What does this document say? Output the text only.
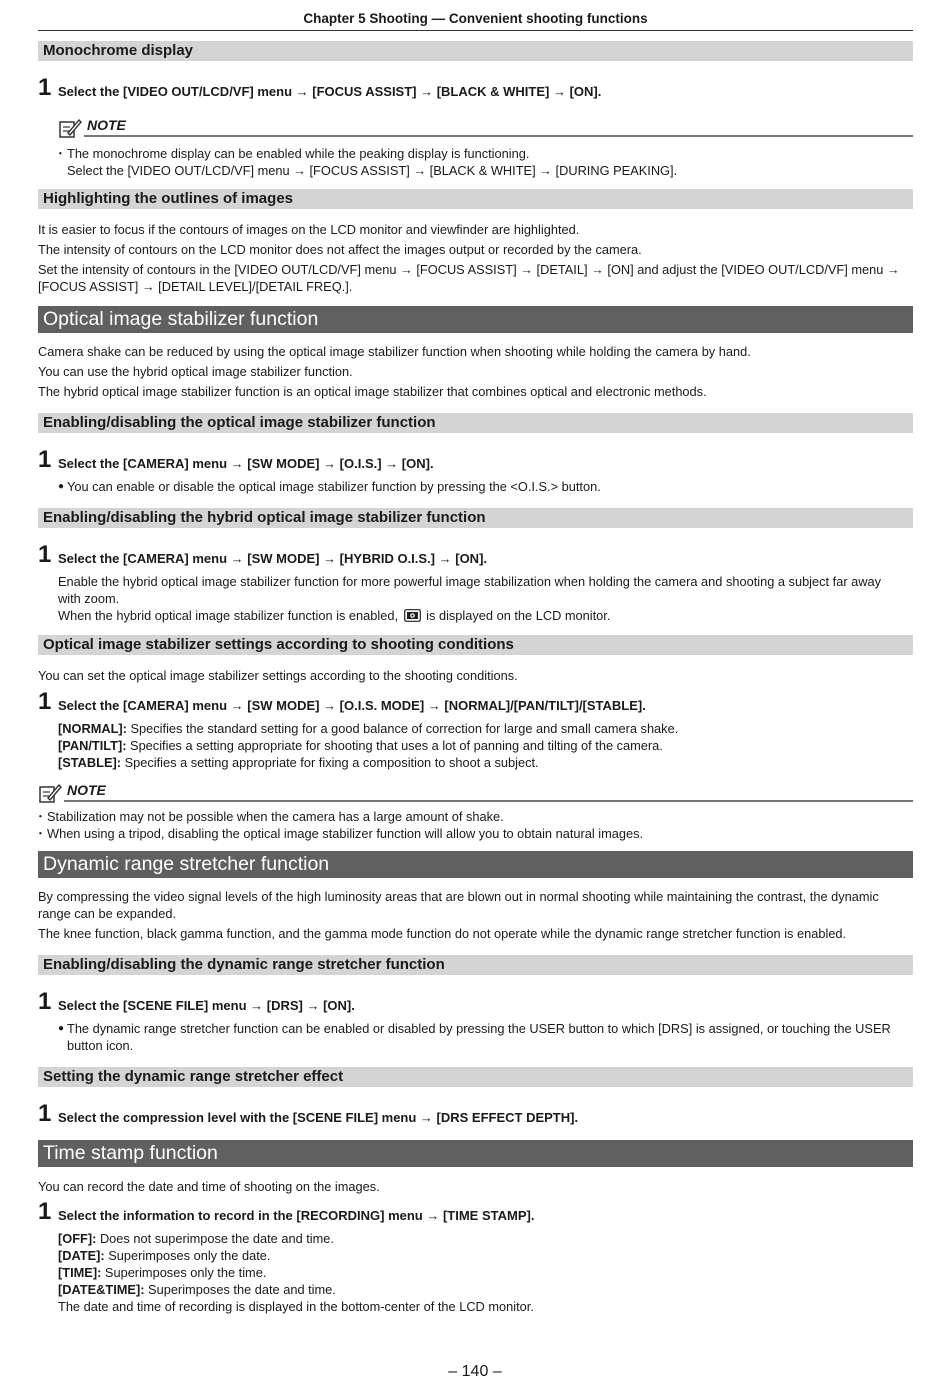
Chapter 5 Shooting — Convenient shooting functions
Monochrome display
1 Select the [VIDEO OUT/LCD/VF] menu → [FOCUS ASSIST] → [BLACK & WHITE] → [ON].
NOTE
・ The monochrome display can be enabled while the peaking display is functioning.
Select the [VIDEO OUT/LCD/VF] menu → [FOCUS ASSIST] → [BLACK & WHITE] → [DURING PEAKING].
Highlighting the outlines of images
It is easier to focus if the contours of images on the LCD monitor and viewfinder are highlighted.
The intensity of contours on the LCD monitor does not affect the images output or recorded by the camera.
Set the intensity of contours in the [VIDEO OUT/LCD/VF] menu → [FOCUS ASSIST] → [DETAIL] → [ON] and adjust the [VIDEO OUT/LCD/VF] menu →
[FOCUS ASSIST] → [DETAIL LEVEL]/[DETAIL FREQ.].
Optical image stabilizer function
Camera shake can be reduced by using the optical image stabilizer function when shooting while holding the camera by hand.
You can use the hybrid optical image stabilizer function.
The hybrid optical image stabilizer function is an optical image stabilizer that combines optical and electronic methods.
Enabling/disabling the optical image stabilizer function
1 Select the [CAMERA] menu → [SW MODE] → [O.I.S.] → [ON].
● You can enable or disable the optical image stabilizer function by pressing the <O.I.S.> button.
Enabling/disabling the hybrid optical image stabilizer function
1 Select the [CAMERA] menu → [SW MODE] → [HYBRID O.I.S.] → [ON].
Enable the hybrid optical image stabilizer function for more powerful image stabilization when holding the camera and shooting a subject far away
with zoom.
When the hybrid optical image stabilizer function is enabled, is displayed on the LCD monitor.
Optical image stabilizer settings according to shooting conditions
You can set the optical image stabilizer settings according to the shooting conditions.
1 Select the [CAMERA] menu → [SW MODE] → [O.I.S. MODE] → [NORMAL]/[PAN/TILT]/[STABLE].
[NORMAL]: Specifies the standard setting for a good balance of correction for large and small camera shake.
[PAN/TILT]: Specifies a setting appropriate for shooting that uses a lot of panning and tilting of the camera.
[STABLE]: Specifies a setting appropriate for fixing a composition to shoot a subject.
NOTE
・ Stabilization may not be possible when the camera has a large amount of shake.
・ When using a tripod, disabling the optical image stabilizer function will allow you to obtain natural images.
Dynamic range stretcher function
By compressing the video signal levels of the high luminosity areas that are blown out in normal shooting while maintaining the contrast, the dynamic
range can be expanded.
The knee function, black gamma function, and the gamma mode function do not operate while the dynamic range stretcher function is enabled.
Enabling/disabling the dynamic range stretcher function
1 Select the [SCENE FILE] menu → [DRS] → [ON].
● The dynamic range stretcher function can be enabled or disabled by pressing the USER button to which [DRS] is assigned, or touching the USER
button icon.
Setting the dynamic range stretcher effect
1 Select the compression level with the [SCENE FILE] menu → [DRS EFFECT DEPTH].
Time stamp function
You can record the date and time of shooting on the images.
1 Select the information to record in the [RECORDING] menu → [TIME STAMP].
[OFF]: Does not superimpose the date and time.
[DATE]: Superimposes only the date.
[TIME]: Superimposes only the time.
[DATE&TIME]: Superimposes the date and time.
The date and time of recording is displayed in the bottom-center of the LCD monitor.
– 140 –
